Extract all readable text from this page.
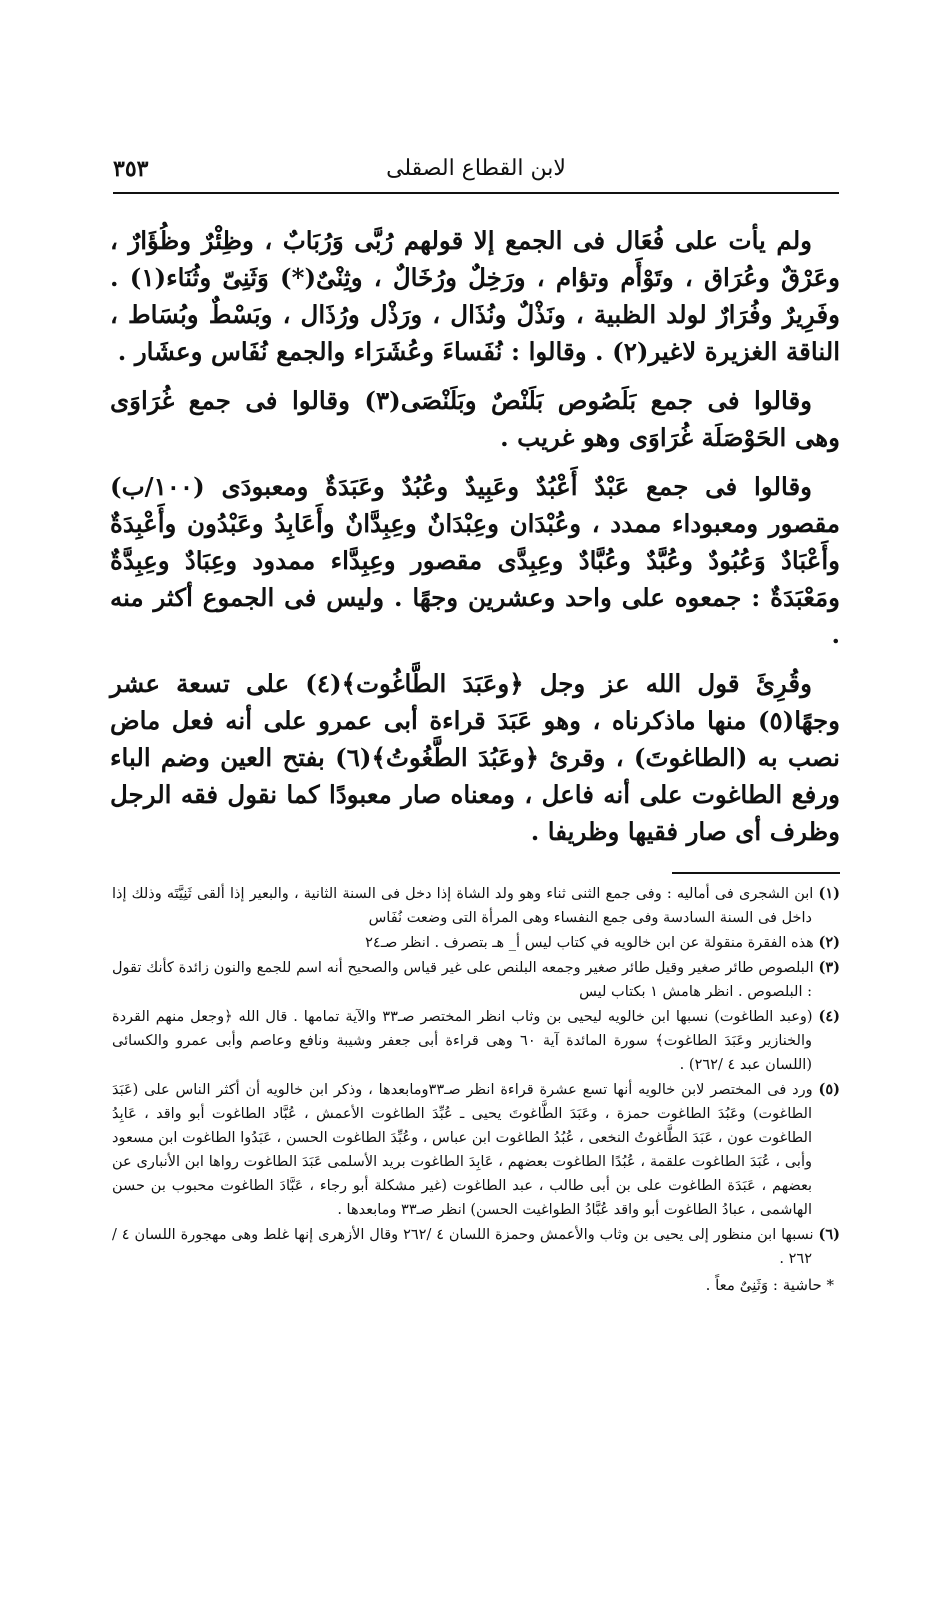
لابن القطاع الصقلى
٣٥٣

ولم يأت على فُعَال فى الجمع إلا قولهم رُبَّى وَرُبَابٌ ، وظِئْرٌ وظُؤَارٌ ، وعَرْقٌ وعُرَاق ، وتَوْأَم وتؤام ، ورَخِلٌ ورُخَالٌ ، وثِنْىٌ(*) وَثَنِىّ وثُنَاء(١) . وفَرِيرٌ وفُرَارٌ لولد الظبية ، ونَذْلٌ ونُذَال ، ورَذْل ورُذَال ، وبَسْطٌ وبُسَاط ، الناقة الغزيرة لاغير(٢) . وقالوا : نُفَساءَ وعُشَرَاء والجمع نُفَاس وعشَار .

وقالوا فى جمع بَلَصُوص بَلَنْصٌ وبَلَنْصَى(٣) وقالوا فى جمع غُرَاوَى وهى الحَوْصَلَة غُرَاوَى وهو غريب .

وقالوا فى جمع عَبْدٌ أَعْبُدٌ وعَبِيدٌ وعُبُدٌ وعَبَدَةٌ ومعبودَى (١٠٠/ب) مقصور ومعبوداء ممدد ، وعُبْدَان وعِبْدَانٌ وعِبِدَّانٌ وأَعَابِدُ وعَبْدُون وأَعْبِدَةٌ وأَعْبَادٌ وَعُبُودٌ وعُبَّدٌ وعُبَّادٌ وعِبِدَّى مقصور وعِبِدَّاء ممدود وعِبَادٌ وعِبِدَّةٌ ومَعْبَدَةٌ : جمعوه على واحد وعشرين وجهًا . وليس فى الجموع أكثر منه .

وقُرِئَ قول الله عز وجل ﴿وعَبَدَ الطَّاغُوت﴾(٤) على تسعة عشر وجهًا(٥) منها ماذكرناه ، وهو عَبَدَ قراءة أبى عمرو على أنه فعل ماض نصب به (الطاغوتَ) ، وقرئ ﴿وعَبُدَ الطَّغُوتُ﴾(٦) بفتح العين وضم الباء ورفع الطاغوت على أنه فاعل ، ومعناه صار معبودًا كما نقول فقه الرجل وظرف أى صار فقيها وظريفا .

(١) ابن الشجرى فى أماليه : وفى جمع الثنى ثناء وهو ولد الشاة إذا دخل فى السنة الثانية ، والبعير إذا ألقى ثَنِيَّتَه وذلك إذا داخل فى السنة السادسة وفى جمع النفساء وهى المرأة التى وضعت نُفَاس
(٢) هذه الفقرة منقولة عن ابن خالويه في كتاب ليس أ_ هـ بتصرف . انظر صـ٢٤
(٣) البلصوص طائر صغير وقيل طائر صغير وجمعه البلنص على غير قياس والصحيح أنه اسم للجمع والنون زائدة كأنك تقول : البلصوص . انظر هامش ١ بكتاب ليس
(٤) (وعبد الطاغوت) نسبها ابن خالويه ليحيى بن وثاب انظر المختصر صـ٣٣ والآية تمامها . قال الله ﴿وجعل منهم القردة والخنازير وعَبَدَ الطاغوت﴾ سورة المائدة آية ٦٠ وهى قراءة أبى جعفر وشيبة ونافع وعاصم وأبى عمرو والكسائى (اللسان عبد ٤ /٢٦٢) .
(٥) ورد فى المختصر لابن خالويه أنها تسع عشرة قراءة انظر صـ٣٣ومابعدها ، وذكر ابن خالويه أن أكثر الناس على (عَبَدَ الطاغوت) وعَبُدَ الطاغوت حمزة ، وعَبَدَ الطَّاغوتَ يحيى ـ عُبِّدَ الطاغوت الأعمش ، عُبَّاد الطاغوت أبو واقد ، عَابِدُ الطاغوت عون ، عَبَدَ الطَّاغوتُ النخعى ، عُبُدُ الطاغوت ابن عباس ، وعُبِّدَ الطاغوت الحسن ، عَبَدُوا الطاغوت ابن مسعود وأبى ، عُبَدَ الطاغوت علقمة ، عُبُدًا الطاغوت بعضهم ، عَابِدَ الطاغوت بريد الأسلمى عَبَدَ الطاغوت رواها ابن الأنبارى عن بعضهم ، عَبَدَة الطاغوت على بن أبى طالب ، عبد الطاغوت (غير مشكلة أبو رجاء ، عَبَّادَ الطاغوت محبوب بن حسن الهاشمى ، عبادُ الطاغوت أبو واقد عُبَّادُ الطواغيت الحسن) انظر صـ٣٣ ومابعدها .
(٦) نسبها ابن منظور إلى يحيى بن وثاب والأعمش وحمزة اللسان ٤ /٢٦٢ وقال الأزهرى إنها غلط وهى مهجورة اللسان ٤ /٢٦٢ .
* حاشية : وَثَنِىٌ معاً .
